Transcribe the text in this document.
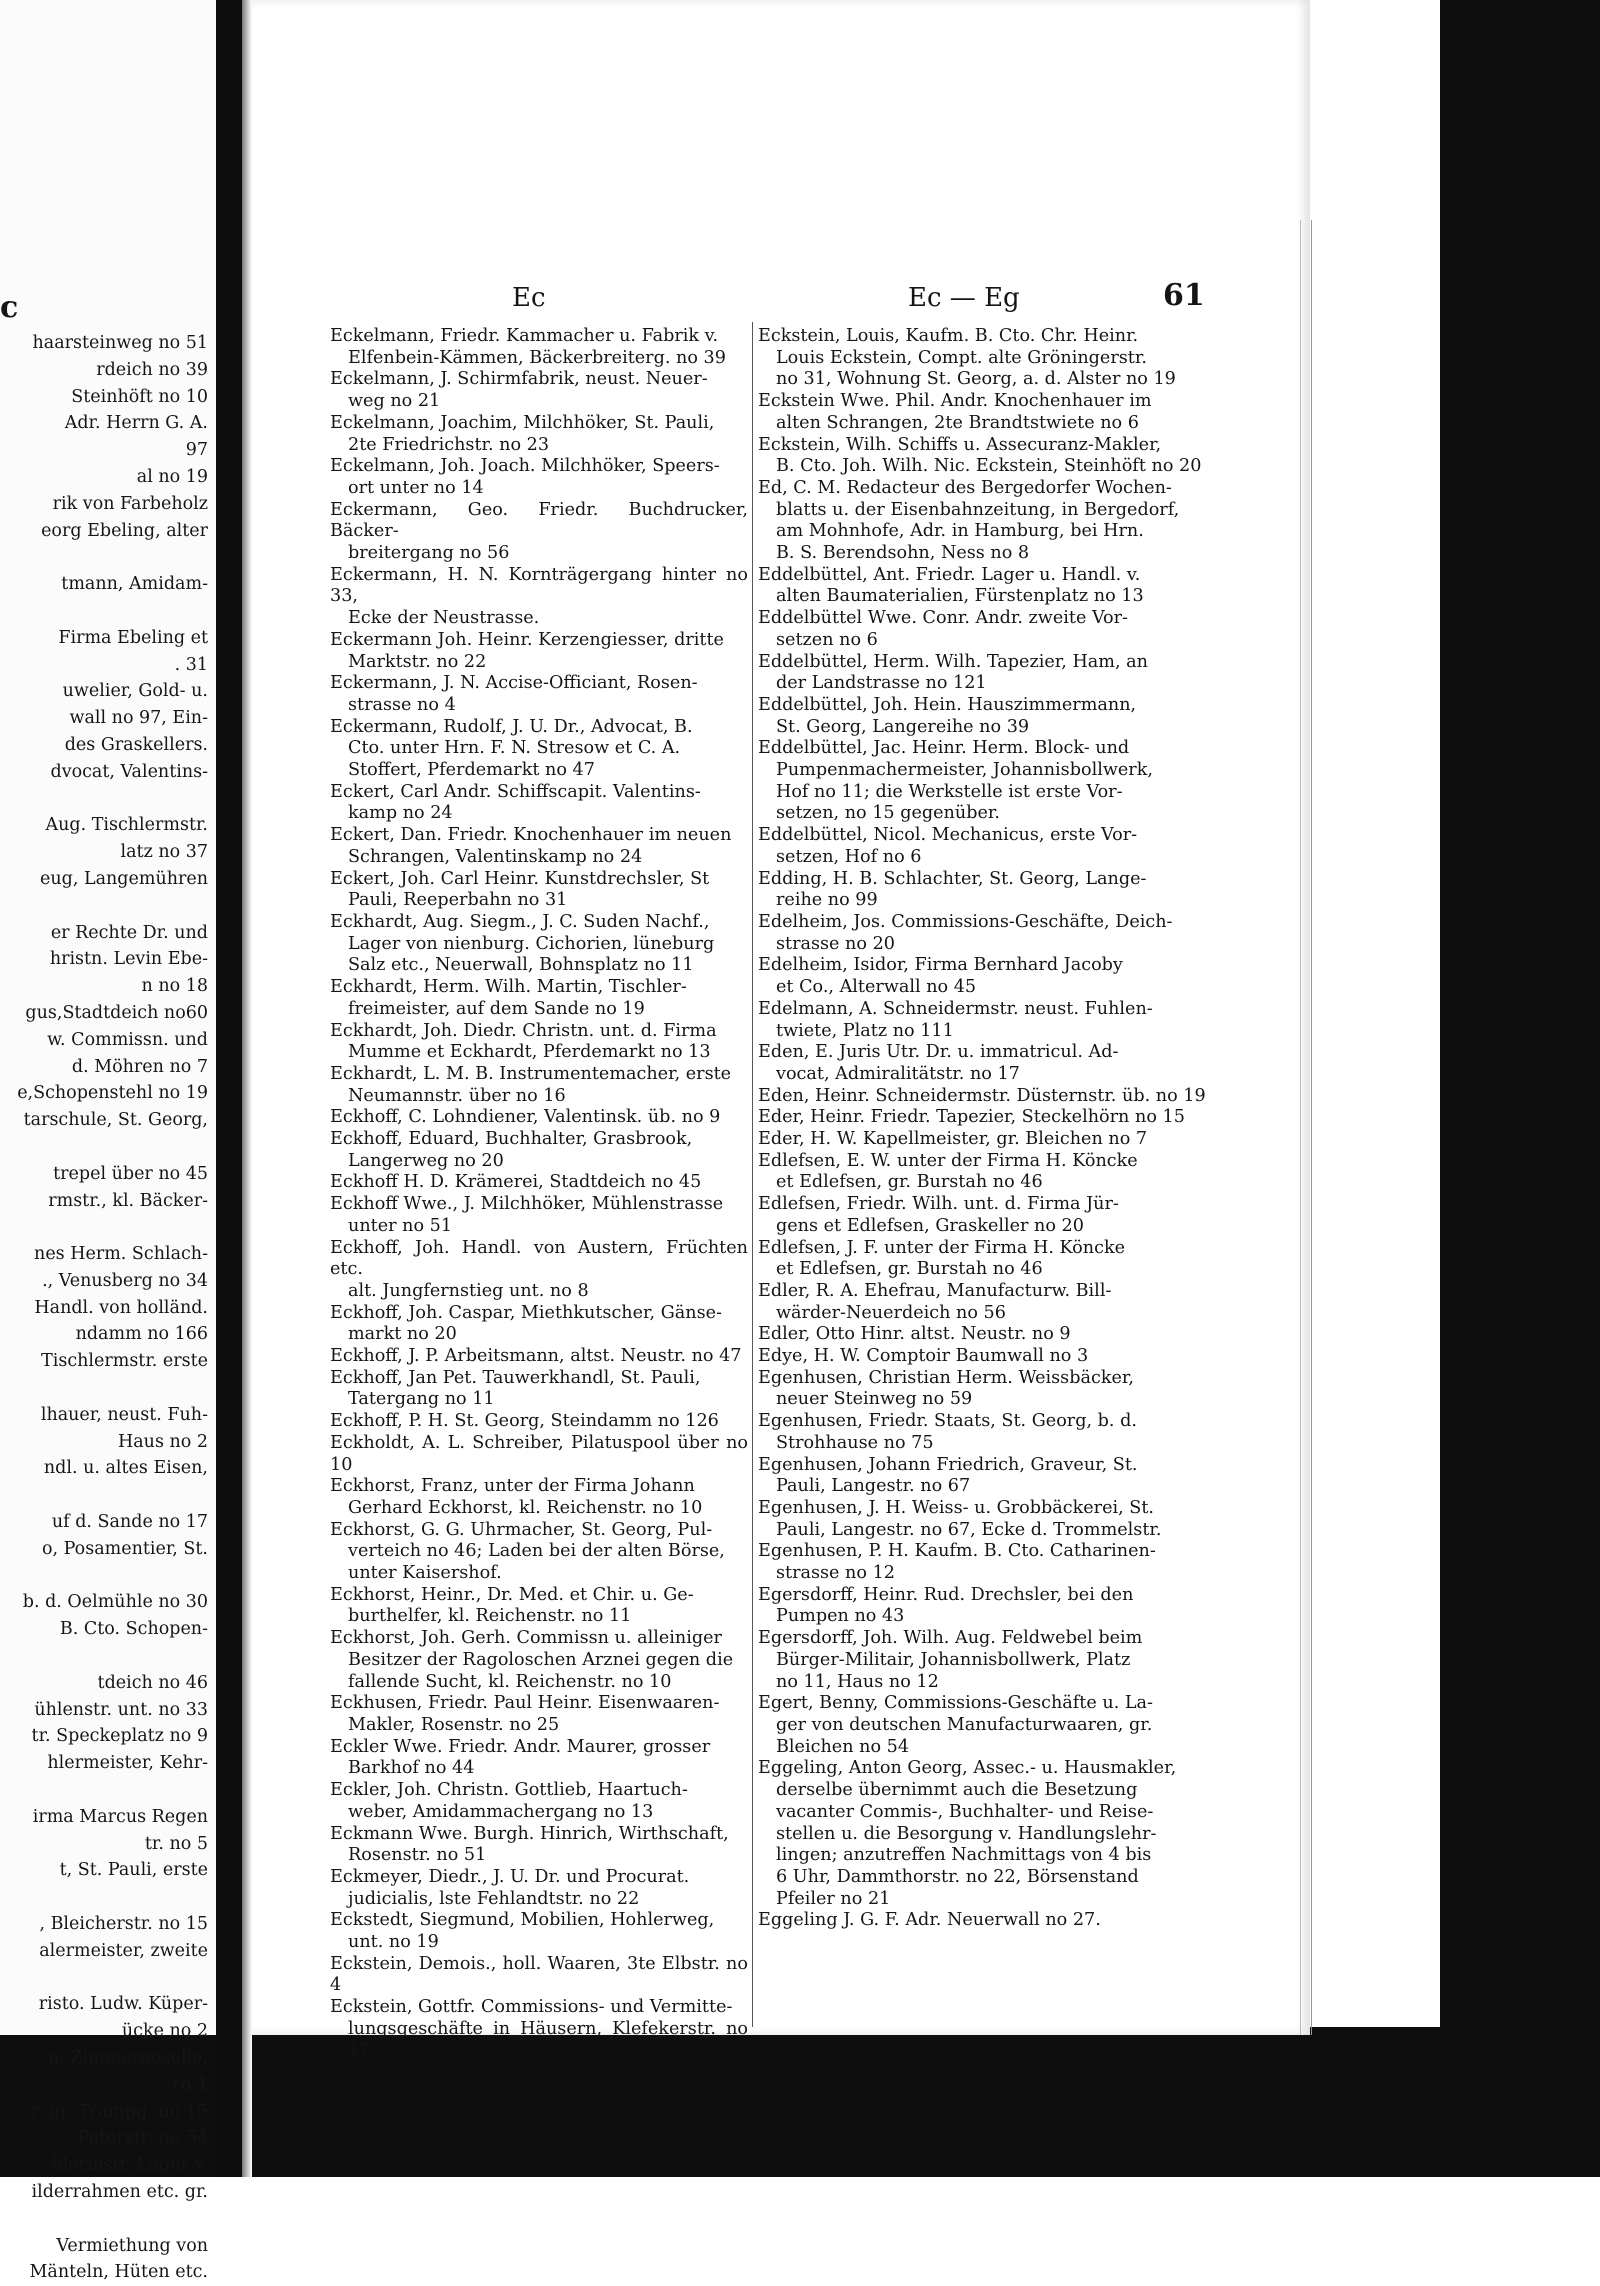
c
haarsteinweg no 51
rdeich no 39
Steinhöft no 10
Adr. Herrn G. A.
97
al no 19
rik von Farbeholz
eorg Ebeling, alter

tmann, Amidam-

Firma Ebeling et
. 31
uwelier, Gold- u.
wall no 97, Ein-
des Graskellers.
dvocat, Valentins-

Aug. Tischlermstr.
latz no 37
eug, Langemühren

er Rechte Dr. und
hristn. Levin Ebe-
n no 18
gus,Stadtdeich no60
w. Commissn. und
d. Möhren no 7
e,Schopenstehl no 19
tarschule, St. Georg,

trepel über no 45
rmstr., kl. Bäcker-

nes Herm. Schlach-
., Venusberg no 34
Handl. von holländ.
ndamm no 166
Tischlermstr. erste

lhauer, neust. Fuh-
Haus no 2
ndl. u. altes Eisen,

uf d. Sande no 17
o, Posamentier, St.

b. d. Oelmühle no 30
B. Cto. Schopen-

tdeich no 46
ühlenstr. unt. no 33
tr. Speckeplatz no 9
hlermeister, Kehr-

irma Marcus Regen
tr. no 5
t, St. Pauli, erste

, Bleicherstr. no 15
alermeister, zweite

risto. Ludw. Küper-
ücke no 2
n. Zimmergeselle,
ro 1
r. gr. Trampg. no 15
Peterstr. no 54
hlermstr. Lager v.
ilderrahmen etc. gr.

Vermiethung von
Mänteln, Hüten etc.
Ec	Ec — Eg	61
Eckelmann, Friedr. Kammacher u. Fabrik v.
Elfenbein-Kämmen, Bäckerbreiterg. no 39
Eckelmann, J. Schirmfabrik, neust. Neuer-
weg no 21
Eckelmann, Joachim, Milchhöker, St. Pauli,
2te Friedrichstr. no 23
Eckelmann, Joh. Joach. Milchhöker, Speers-
ort unter no 14
Eckermann, Geo. Friedr. Buchdrucker, Bäcker-
breitergang no 56
Eckermann, H. N. Kornträgergang hinter no 33,
Ecke der Neustrasse.
Eckermann Joh. Heinr. Kerzengiesser, dritte
Marktstr. no 22
Eckermann, J. N. Accise-Officiant, Rosen-
strasse no 4
Eckermann, Rudolf, J. U. Dr., Advocat, B.
Cto. unter Hrn. F. N. Stresow et C. A.
Stoffert, Pferdemarkt no 47
Eckert, Carl Andr. Schiffscapit. Valentins-
kamp no 24
Eckert, Dan. Friedr. Knochenhauer im neuen
Schrangen, Valentinskamp no 24
Eckert, Joh. Carl Heinr. Kunstdrechsler, St
Pauli, Reeperbahn no 31
Eckhardt, Aug. Siegm., J. C. Suden Nachf.,
Lager von nienburg. Cichorien, lüneburg
Salz etc., Neuerwall, Bohnsplatz no 11
Eckhardt, Herm. Wilh. Martin, Tischler-
freimeister, auf dem Sande no 19
Eckhardt, Joh. Diedr. Christn. unt. d. Firma
Mumme et Eckhardt, Pferdemarkt no 13
Eckhardt, L. M. B. Instrumentemacher, erste
Neumannstr. über no 16
Eckhoff, C. Lohndiener, Valentinsk. üb. no 9
Eckhoff, Eduard, Buchhalter, Grasbrook,
Langerweg no 20
Eckhoff H. D. Krämerei, Stadtdeich no 45
Eckhoff Wwe., J. Milchhöker, Mühlenstrasse
unter no 51
Eckhoff, Joh. Handl. von Austern, Früchten etc.
alt. Jungfernstieg unt. no 8
Eckhoff, Joh. Caspar, Miethkutscher, Gänse-
markt no 20
Eckhoff, J. P. Arbeitsmann, altst. Neustr. no 47
Eckhoff, Jan Pet. Tauwerkhandl, St. Pauli,
Tatergang no 11
Eckhoff, P. H. St. Georg, Steindamm no 126
Eckholdt, A. L. Schreiber, Pilatuspool über no 10
Eckhorst, Franz, unter der Firma Johann
Gerhard Eckhorst, kl. Reichenstr. no 10
Eckhorst, G. G. Uhrmacher, St. Georg, Pul-
verteich no 46; Laden bei der alten Börse,
unter Kaisershof.
Eckhorst, Heinr., Dr. Med. et Chir. u. Ge-
burthelfer, kl. Reichenstr. no 11
Eckhorst, Joh. Gerh. Commissn u. alleiniger
Besitzer der Ragoloschen Arznei gegen die
fallende Sucht, kl. Reichenstr. no 10
Eckhusen, Friedr. Paul Heinr. Eisenwaaren-
Makler, Rosenstr. no 25
Eckler Wwe. Friedr. Andr. Maurer, grosser
Barkhof no 44
Eckler, Joh. Christn. Gottlieb, Haartuch-
weber, Amidammachergang no 13
Eckmann Wwe. Burgh. Hinrich, Wirthschaft,
Rosenstr. no 51
Eckmeyer, Diedr., J. U. Dr. und Procurat.
judicialis, lste Fehlandtstr. no 22
Eckstedt, Siegmund, Mobilien, Hohlerweg,
unt. no 19
Eckstein, Demois., holl. Waaren, 3te Elbstr. no 4
Eckstein, Gottfr. Commissions- und Vermitte-
lungsgeschäfte in Häusern, Klefekerstr. no 17
Eckstein, Louis, Kaufm. B. Cto. Chr. Heinr.
Louis Eckstein, Compt. alte Gröningerstr.
no 31, Wohnung St. Georg, a. d. Alster no 19
Eckstein Wwe. Phil. Andr. Knochenhauer im
alten Schrangen, 2te Brandtstwiete no 6
Eckstein, Wilh. Schiffs u. Assecuranz-Makler,
B. Cto. Joh. Wilh. Nic. Eckstein, Steinhöft no 20
Ed, C. M. Redacteur des Bergedorfer Wochen-
blatts u. der Eisenbahnzeitung, in Bergedorf,
am Mohnhofe, Adr. in Hamburg, bei Hrn.
B. S. Berendsohn, Ness no 8
Eddelbüttel, Ant. Friedr. Lager u. Handl. v.
alten Baumaterialien, Fürstenplatz no 13
Eddelbüttel Wwe. Conr. Andr. zweite Vor-
setzen no 6
Eddelbüttel, Herm. Wilh. Tapezier, Ham, an
der Landstrasse no 121
Eddelbüttel, Joh. Hein. Hauszimmermann,
St. Georg, Langereihe no 39
Eddelbüttel, Jac. Heinr. Herm. Block- und
Pumpenmachermeister, Johannisbollwerk,
Hof no 11; die Werkstelle ist erste Vor-
setzen, no 15 gegenüber.
Eddelbüttel, Nicol. Mechanicus, erste Vor-
setzen, Hof no 6
Edding, H. B. Schlachter, St. Georg, Lange-
reihe no 99
Edelheim, Jos. Commissions-Geschäfte, Deich-
strasse no 20
Edelheim, Isidor, Firma Bernhard Jacoby
et Co., Alterwall no 45
Edelmann, A. Schneidermstr. neust. Fuhlen-
twiete, Platz no 111
Eden, E. Juris Utr. Dr. u. immatricul. Ad-
vocat, Admiralitätstr. no 17
Eden, Heinr. Schneidermstr. Düsternstr. üb. no 19
Eder, Heinr. Friedr. Tapezier, Steckelhörn no 15
Eder, H. W. Kapellmeister, gr. Bleichen no 7
Edlefsen, E. W. unter der Firma H. Köncke
et Edlefsen, gr. Burstah no 46
Edlefsen, Friedr. Wilh. unt. d. Firma Jür-
gens et Edlefsen, Graskeller no 20
Edlefsen, J. F. unter der Firma H. Köncke
et Edlefsen, gr. Burstah no 46
Edler, R. A. Ehefrau, Manufacturw. Bill-
wärder-Neuerdeich no 56
Edler, Otto Hinr. altst. Neustr. no 9
Edye, H. W. Comptoir Baumwall no 3
Egenhusen, Christian Herm. Weissbäcker,
neuer Steinweg no 59
Egenhusen, Friedr. Staats, St. Georg, b. d.
Strohhause no 75
Egenhusen, Johann Friedrich, Graveur, St.
Pauli, Langestr. no 67
Egenhusen, J. H. Weiss- u. Grobbäckerei, St.
Pauli, Langestr. no 67, Ecke d. Trommelstr.
Egenhusen, P. H. Kaufm. B. Cto. Catharinen-
strasse no 12
Egersdorff, Heinr. Rud. Drechsler, bei den
Pumpen no 43
Egersdorff, Joh. Wilh. Aug. Feldwebel beim
Bürger-Militair, Johannisbollwerk, Platz
no 11, Haus no 12
Egert, Benny, Commissions-Geschäfte u. La-
ger von deutschen Manufacturwaaren, gr.
Bleichen no 54
Eggeling, Anton Georg, Assec.- u. Hausmakler,
derselbe übernimmt auch die Besetzung
vacanter Commis-, Buchhalter- und Reise-
stellen u. die Besorgung v. Handlungslehr-
lingen; anzutreffen Nachmittags von 4 bis
6 Uhr, Dammthorstr. no 22, Börsenstand
Pfeiler no 21
Eggeling J. G. F. Adr. Neuerwall no 27.
